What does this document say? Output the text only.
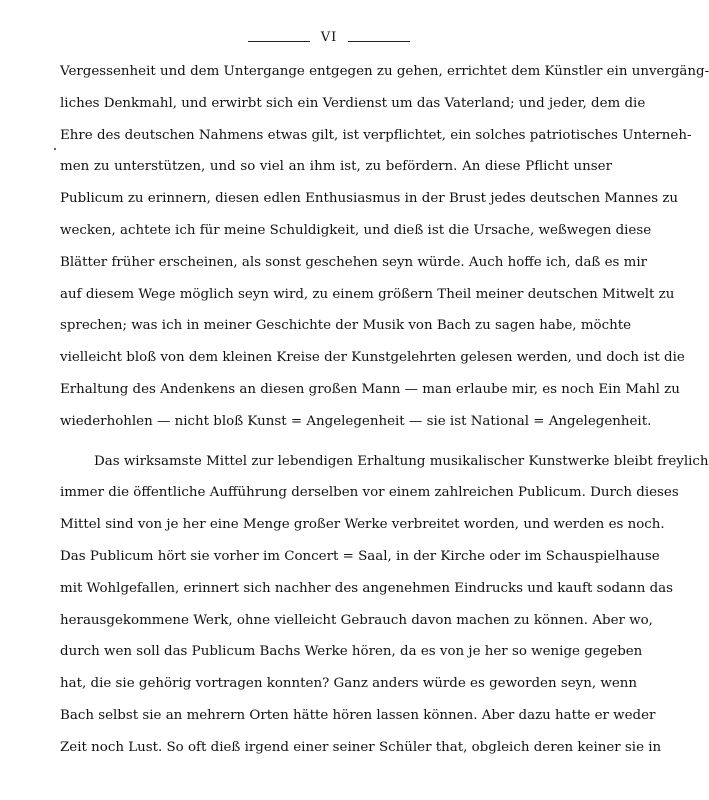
VI
Vergessenheit und dem Untergange entgegen zu gehen, errichtet dem Künstler ein unvergäng-
liches Denkmahl, und erwirbt sich ein Verdienst um das Vaterland; und jeder, dem die
Ehre des deutschen Nahmens etwas gilt, ist verpflichtet, ein solches patriotisches Unterneh-
men zu unterstützen, und so viel an ihm ist, zu befördern. An diese Pflicht unser
Publicum zu erinnern, diesen edlen Enthusiasmus in der Brust jedes deutschen Mannes zu
wecken, achtete ich für meine Schuldigkeit, und dieß ist die Ursache, weßwegen diese
Blätter früher erscheinen, als sonst geschehen seyn würde. Auch hoffe ich, daß es mir
auf diesem Wege möglich seyn wird, zu einem größern Theil meiner deutschen Mitwelt zu
sprechen; was ich in meiner Geschichte der Musik von Bach zu sagen habe, möchte
vielleicht bloß von dem kleinen Kreise der Kunstgelehrten gelesen werden, und doch ist die
Erhaltung des Andenkens an diesen großen Mann — man erlaube mir, es noch Ein Mahl zu
wiederhohlen — nicht bloß Kunst = Angelegenheit — sie ist National = Angelegenheit.
Das wirksamste Mittel zur lebendigen Erhaltung musikalischer Kunstwerke bleibt freylich
immer die öffentliche Aufführung derselben vor einem zahlreichen Publicum. Durch dieses
Mittel sind von je her eine Menge großer Werke verbreitet worden, und werden es noch.
Das Publicum hört sie vorher im Concert = Saal, in der Kirche oder im Schauspielhause
mit Wohlgefallen, erinnert sich nachher des angenehmen Eindrucks und kauft sodann das
herausgekommene Werk, ohne vielleicht Gebrauch davon machen zu können. Aber wo,
durch wen soll das Publicum Bachs Werke hören, da es von je her so wenige gegeben
hat, die sie gehörig vortragen konnten? Ganz anders würde es geworden seyn, wenn
Bach selbst sie an mehrern Orten hätte hören lassen können. Aber dazu hatte er weder
Zeit noch Lust. So oft dieß irgend einer seiner Schüler that, obgleich deren keiner sie in
